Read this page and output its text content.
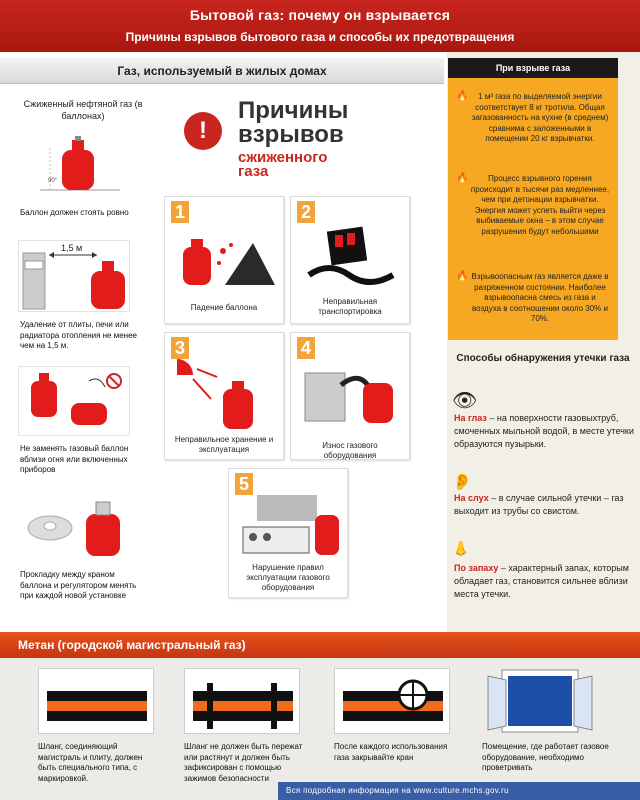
Бытовой газ: почему он взрывается
Причины взрывов бытового газа и способы их предотвращения
Газ, используемый в жилых домах
Сжиженный нефтяной газ (в баллонах)
90°
Баллон должен стоять ровно
1,5 м
Удаление от плиты, печи или радиатора отопления не менее чем на 1,5 м.
Не заменять газовый баллон вблизи огня или включенных приборов
Прокладку между краном баллона и регулятором менять при каждой новой установке
!
Причины
взрывов
сжиженного
газа
1
Падение баллона
2
Неправильная транспортировка
3
Неправильное хранение и эксплуатация
4
Износ газового оборудования
5
Нарушение правил эксплуатации газового оборудования
При взрыве газа
🔥 1 м³ газа по выделяемой энергии соответствует 8 кг тротила. Общая загазованность на кухне (в среднем) сравнима с заложенными в помещении 20 кг взрывчатки.
🔥 Процесс взрывного горения происходит в тысячи раз медленнее, чем при детонации взрывчатки. Энергия может успеть выйти через выбиваемые окна – в этом случае разрушения будут небольшими
🔥 Взрывоопасным газ является даже в разряженном состоянии. Наиболее взрывоопасна смесь из газа и воздуха в соотношении около 30% и 70%.
Способы обнаружения утечки газа
👁
На глаз – на поверхности газовыхтруб, смоченных мыльной водой, в месте утечки образуются пузырьки.
👂
На слух – в случае сильной утечки – газ выходит из трубы со свистом.
👃
По запаху – характерный запах, которым обладает газ, становится сильнее вблизи места утечки.
Метан (городской магистральный газ)
Шланг, соединяющий магистраль и плиту, должен быть специального типа, с маркировкой.
Шланг не должен быть пережат или растянут и должен быть зафиксирован с помощью зажимов безопасности
После каждого использования газа закрывайте кран
Помещение, где работает газовое оборудование, необходимо проветривать
Вся подробная информация на www.culture.mchs.gov.ru
